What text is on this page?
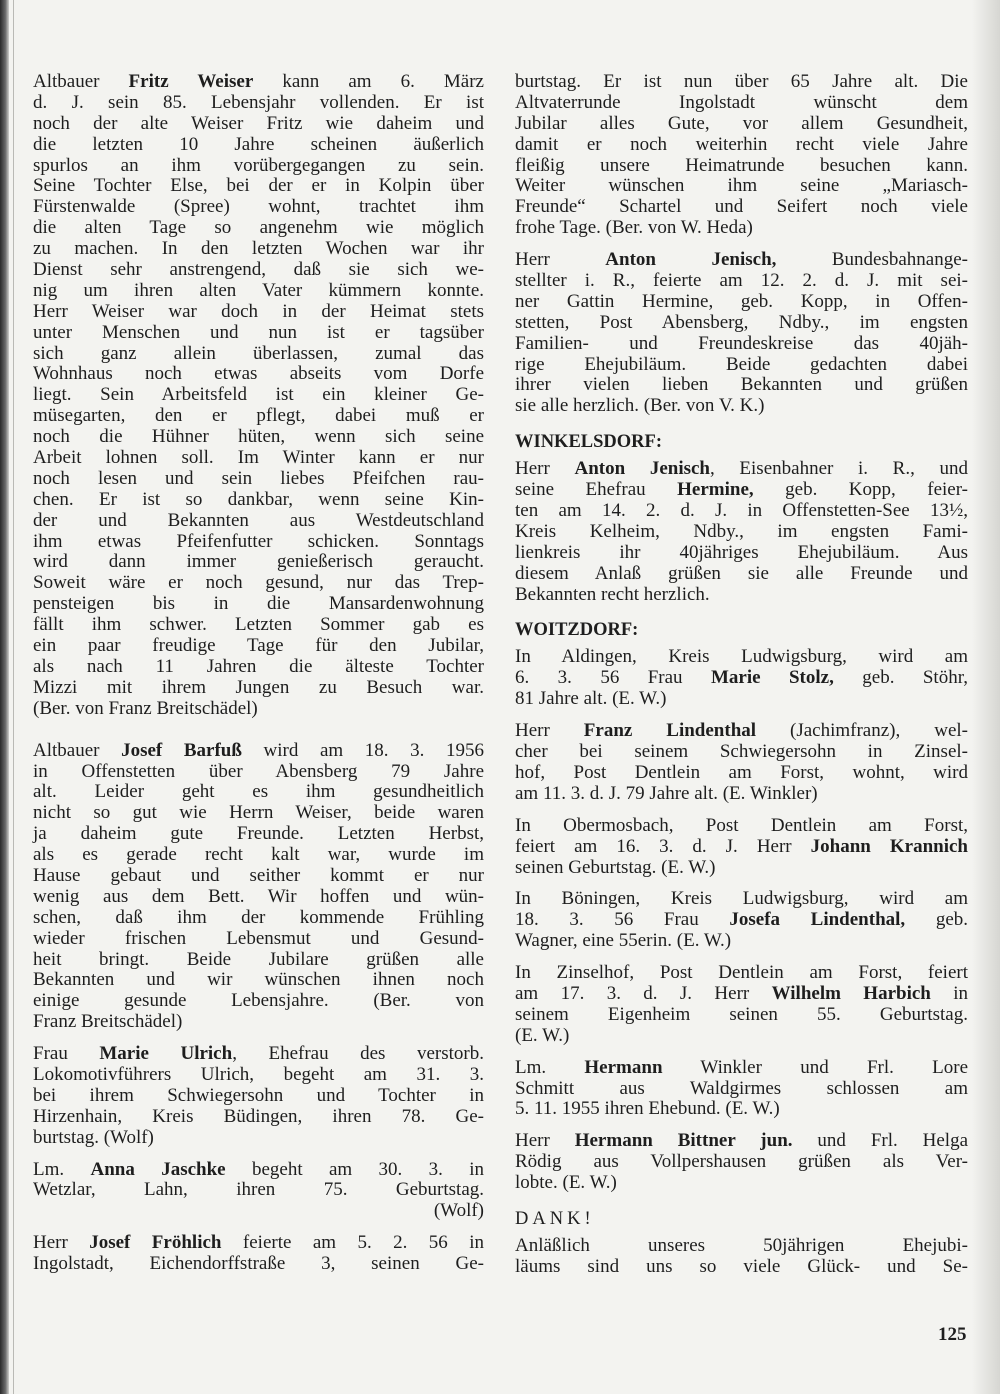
Altbauer Fritz Weiser kann am 6. März
d. J. sein 85. Lebensjahr vollenden. Er ist
noch der alte Weiser Fritz wie daheim und
die letzten 10 Jahre scheinen äußerlich
spurlos an ihm vorübergegangen zu sein.
Seine Tochter Else, bei der er in Kolpin über
Fürstenwalde (Spree) wohnt, trachtet ihm
die alten Tage so angenehm wie möglich
zu machen. In den letzten Wochen war ihr
Dienst sehr anstrengend, daß sie sich we-
nig um ihren alten Vater kümmern konnte.
Herr Weiser war doch in der Heimat stets
unter Menschen und nun ist er tagsüber
sich ganz allein überlassen, zumal das
Wohnhaus noch etwas abseits vom Dorfe
liegt. Sein Arbeitsfeld ist ein kleiner Ge-
müsegarten, den er pflegt, dabei muß er
noch die Hühner hüten, wenn sich seine
Arbeit lohnen soll. Im Winter kann er nur
noch lesen und sein liebes Pfeifchen rau-
chen. Er ist so dankbar, wenn seine Kin-
der und Bekannten aus Westdeutschland
ihm etwas Pfeifenfutter schicken. Sonntags
wird dann immer genießerisch geraucht.
Soweit wäre er noch gesund, nur das Trep-
pensteigen bis in die Mansardenwohnung
fällt ihm schwer. Letzten Sommer gab es
ein paar freudige Tage für den Jubilar,
als nach 11 Jahren die älteste Tochter
Mizzi mit ihrem Jungen zu Besuch war.
(Ber. von Franz Breitschädel)
Altbauer Josef Barfuß wird am 18. 3. 1956
in Offenstetten über Abensberg 79 Jahre
alt. Leider geht es ihm gesundheitlich
nicht so gut wie Herrn Weiser, beide waren
ja daheim gute Freunde. Letzten Herbst,
als es gerade recht kalt war, wurde im
Hause gebaut und seither kommt er nur
wenig aus dem Bett. Wir hoffen und wün-
schen, daß ihm der kommende Frühling
wieder frischen Lebensmut und Gesund-
heit bringt. Beide Jubilare grüßen alle
Bekannten und wir wünschen ihnen noch
einige gesunde Lebensjahre. (Ber. von
Franz Breitschädel)
Frau Marie Ulrich, Ehefrau des verstorb.
Lokomotivführers Ulrich, begeht am 31. 3.
bei ihrem Schwiegersohn und Tochter in
Hirzenhain, Kreis Büdingen, ihren 78. Ge-
burtstag. (Wolf)
Lm. Anna Jaschke begeht am 30. 3. in
Wetzlar, Lahn, ihren 75. Geburtstag.
(Wolf)
Herr Josef Fröhlich feierte am 5. 2. 56 in
Ingolstadt, Eichendorffstraße 3, seinen Ge-
burtstag. Er ist nun über 65 Jahre alt. Die
Altvaterrunde Ingolstadt wünscht dem
Jubilar alles Gute, vor allem Gesundheit,
damit er noch weiterhin recht viele Jahre
fleißig unsere Heimatrunde besuchen kann.
Weiter wünschen ihm seine „Mariasch-
Freunde“ Schartel und Seifert noch viele
frohe Tage. (Ber. von W. Heda)
Herr Anton Jenisch, Bundesbahnange-
stellter i. R., feierte am 12. 2. d. J. mit sei-
ner Gattin Hermine, geb. Kopp, in Offen-
stetten, Post Abensberg, Ndby., im engsten
Familien- und Freundeskreise das 40jäh-
rige Ehejubiläum. Beide gedachten dabei
ihrer vielen lieben Bekannten und grüßen
sie alle herzlich. (Ber. von V. K.)
WINKELSDORF:
Herr Anton Jenisch, Eisenbahner i. R., und
seine Ehefrau Hermine, geb. Kopp, feier-
ten am 14. 2. d. J. in Offenstetten-See 13½,
Kreis Kelheim, Ndby., im engsten Fami-
lienkreis ihr 40jähriges Ehejubiläum. Aus
diesem Anlaß grüßen sie alle Freunde und
Bekannten recht herzlich.
WOITZDORF:
In Aldingen, Kreis Ludwigsburg, wird am
6. 3. 56 Frau Marie Stolz, geb. Stöhr,
81 Jahre alt. (E. W.)
Herr Franz Lindenthal (Jachimfranz), wel-
cher bei seinem Schwiegersohn in Zinsel-
hof, Post Dentlein am Forst, wohnt, wird
am 11. 3. d. J. 79 Jahre alt. (E. Winkler)
In Obermosbach, Post Dentlein am Forst,
feiert am 16. 3. d. J. Herr Johann Krannich
seinen Geburtstag. (E. W.)
In Böningen, Kreis Ludwigsburg, wird am
18. 3. 56 Frau Josefa Lindenthal, geb.
Wagner, eine 55erin. (E. W.)
In Zinselhof, Post Dentlein am Forst, feiert
am 17. 3. d. J. Herr Wilhelm Harbich in
seinem Eigenheim seinen 55. Geburtstag.
(E. W.)
Lm. Hermann Winkler und Frl. Lore
Schmitt aus Waldgirmes schlossen am
5. 11. 1955 ihren Ehebund. (E. W.)
Herr Hermann Bittner jun. und Frl. Helga
Rödig aus Vollpershausen grüßen als Ver-
lobte. (E. W.)
DANK!
Anläßlich unseres 50jährigen Ehejubi-
läums sind uns so viele Glück- und Se-
125
